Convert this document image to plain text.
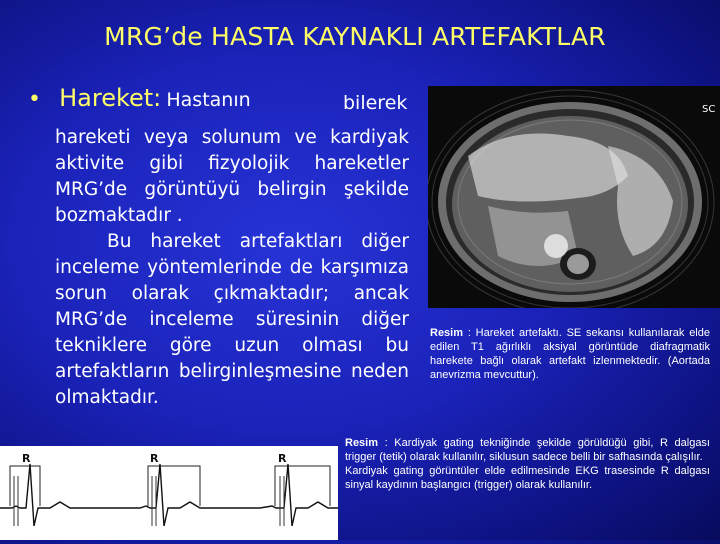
MRG’de HASTA KAYNAKLI ARTEFAKTLAR
• Hareket: Hastanın	bilerek

hareketi veya solunum ve kardiyak aktivite gibi fizyolojik hareketler MRG’de görüntüyü belirgin şekilde bozmaktadır .

Bu hareket artefaktları diğer inceleme yöntemlerinde de karşımıza sorun olarak çıkmaktadır; ancak MRG’de inceleme süresinin diğer tekniklere göre uzun olması bu artefaktların belirginleşmesine neden olmaktadır.

SC
Resim : Hareket artefaktı. SE sekansı kullanılarak elde edilen T1 ağırlıklı aksiyal görüntüde diafragmatik harekete bağlı olarak artefakt izlenmektedir. (Aortada anevrizma mevcuttur).
Resim : Kardiyak gating tekniğinde şekilde görüldüğü gibi, R dalgası trigger (tetik) olarak kullanılır, siklusun sadece belli bir safhasında çalışılır.
Kardiyak gating görüntüler elde edilmesinde EKG trasesinde R dalgası sinyal kaydının başlangıcı (trigger) olarak kullanılır.
R	R	R
